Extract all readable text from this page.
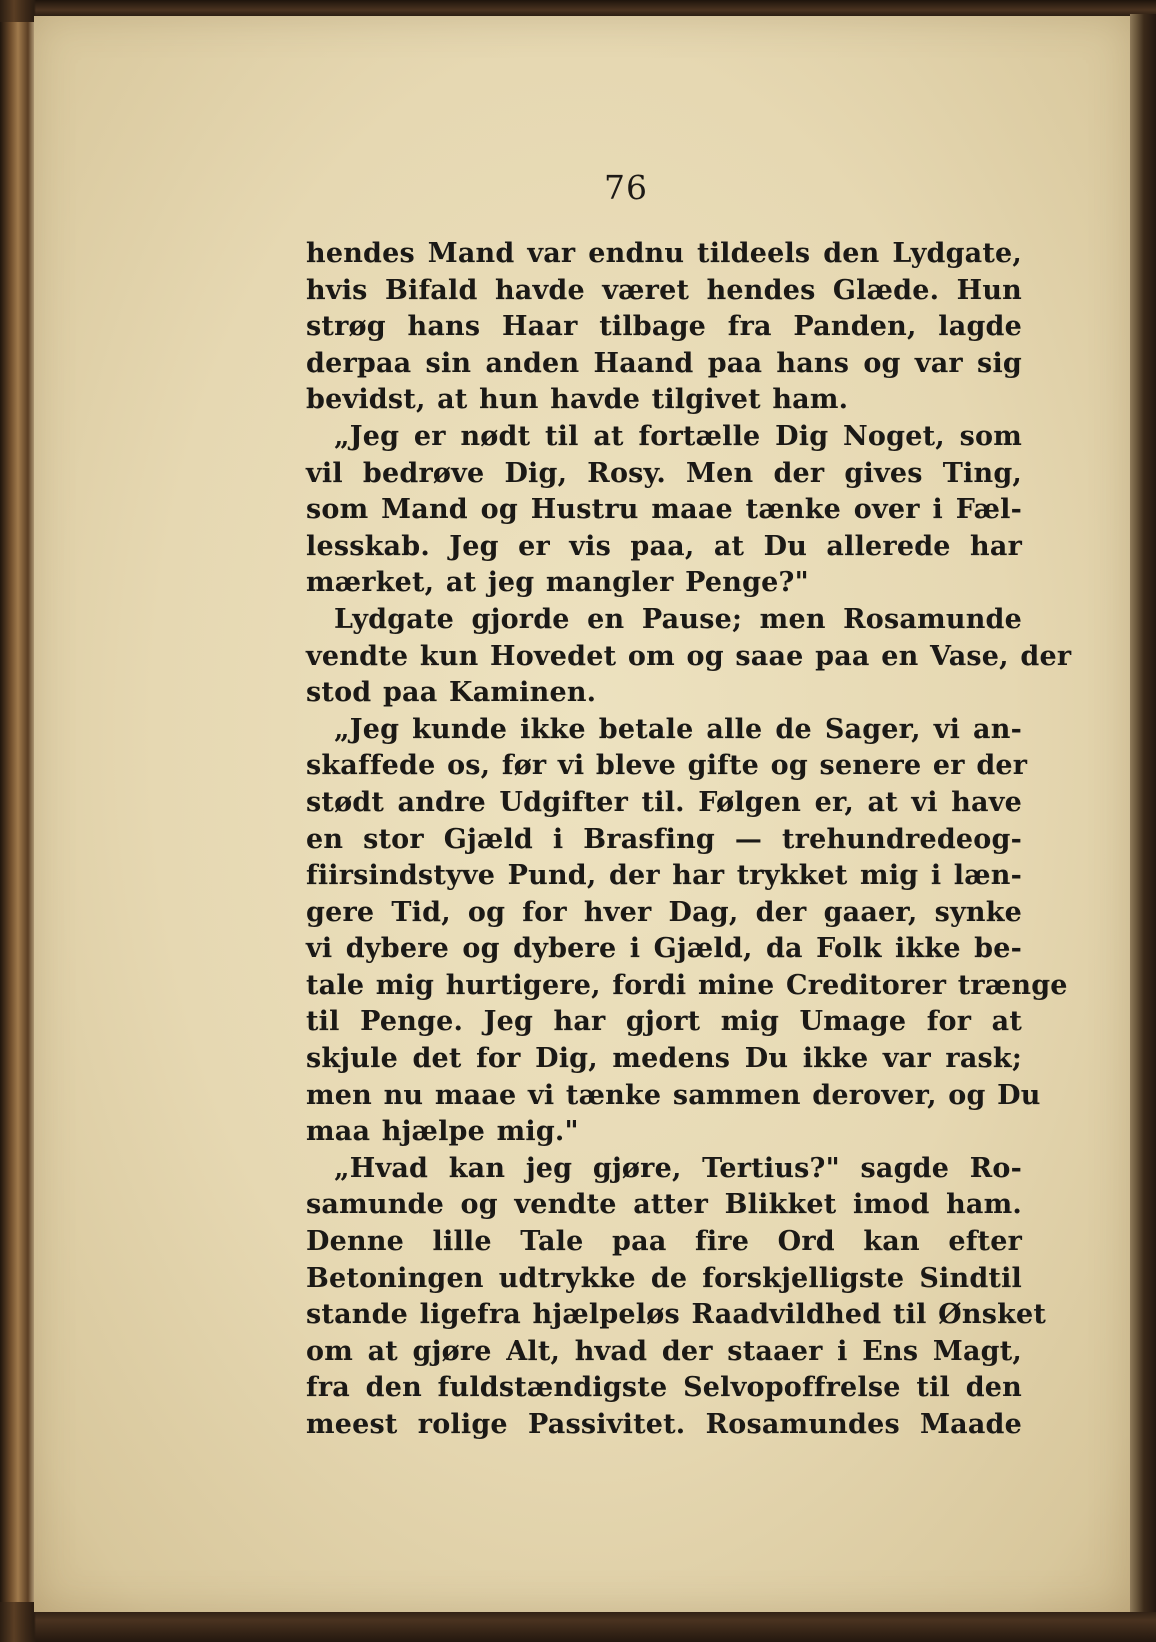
76
hendes Mand var endnu tildeels den Lydgate,
hvis Bifald havde været hendes Glæde. Hun
strøg hans Haar tilbage fra Panden, lagde
derpaa sin anden Haand paa hans og var sig
bevidst, at hun havde tilgivet ham.
„Jeg er nødt til at fortælle Dig Noget, som
vil bedrøve Dig, Rosy. Men der gives Ting,
som Mand og Hustru maae tænke over i Fæl-
lesskab. Jeg er vis paa, at Du allerede har
mærket, at jeg mangler Penge?"
Lydgate gjorde en Pause; men Rosamunde
vendte kun Hovedet om og saae paa en Vase, der
stod paa Kaminen.
„Jeg kunde ikke betale alle de Sager, vi an-
skaffede os, før vi bleve gifte og senere er der
stødt andre Udgifter til. Følgen er, at vi have
en stor Gjæld i Brasfing — trehundredeog-
fiirsindstyve Pund, der har trykket mig i læn-
gere Tid, og for hver Dag, der gaaer, synke
vi dybere og dybere i Gjæld, da Folk ikke be-
tale mig hurtigere, fordi mine Creditorer trænge
til Penge. Jeg har gjort mig Umage for at
skjule det for Dig, medens Du ikke var rask;
men nu maae vi tænke sammen derover, og Du
maa hjælpe mig."
„Hvad kan jeg gjøre, Tertius?" sagde Ro-
samunde og vendte atter Blikket imod ham.
Denne lille Tale paa fire Ord kan efter
Betoningen udtrykke de forskjelligste Sindtil
stande ligefra hjælpeløs Raadvildhed til Ønsket
om at gjøre Alt, hvad der staaer i Ens Magt,
fra den fuldstændigste Selvopoffrelse til den
meest rolige Passivitet. Rosamundes Maade
